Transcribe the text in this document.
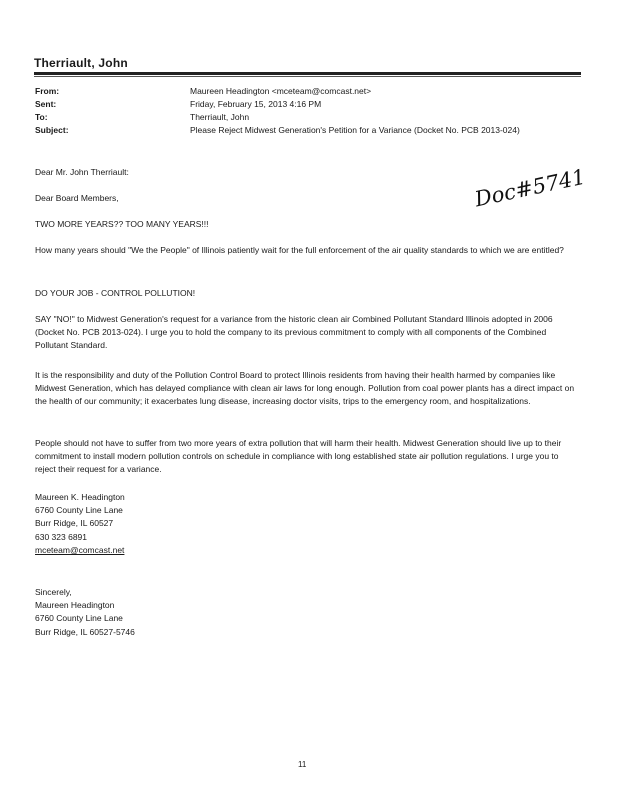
Therriault, John
From:	Maureen Headington <mceteam@comcast.net>
Sent:	Friday, February 15, 2013 4:16 PM
To:	Therriault, John
Subject:	Please Reject Midwest Generation's Petition for a Variance (Docket No. PCB 2013-024)
Doc#5741
Dear Mr. John Therriault:
Dear Board Members,
TWO MORE YEARS?? TOO MANY YEARS!!!
How many years should "We the People" of Illinois patiently wait for the full enforcement of the air quality standards to which we are entitled?
DO YOUR JOB - CONTROL POLLUTION!
SAY "NO!" to Midwest Generation's request for a variance from the historic clean air Combined Pollutant Standard Illinois adopted in 2006 (Docket No. PCB 2013-024). I urge you to hold the company to its previous commitment to comply with all components of the Combined Pollutant Standard.
It is the responsibility and duty of the Pollution Control Board to protect Illinois residents from having their health harmed by companies like Midwest Generation, which has delayed compliance with clean air laws for long enough. Pollution from coal power plants has a direct impact on the health of our community; it exacerbates lung disease, increasing doctor visits, trips to the emergency room, and hospitalizations.
People should not have to suffer from two more years of extra pollution that will harm their health. Midwest Generation should live up to their commitment to install modern pollution controls on schedule in compliance with long established state air pollution regulations. I urge you to reject their request for a variance.
Maureen K. Headington
6760 County Line Lane
Burr Ridge, IL 60527
630 323 6891
mceteam@comcast.net
Sincerely,
Maureen Headington
6760 County Line Lane
Burr Ridge, IL 60527-5746
11
